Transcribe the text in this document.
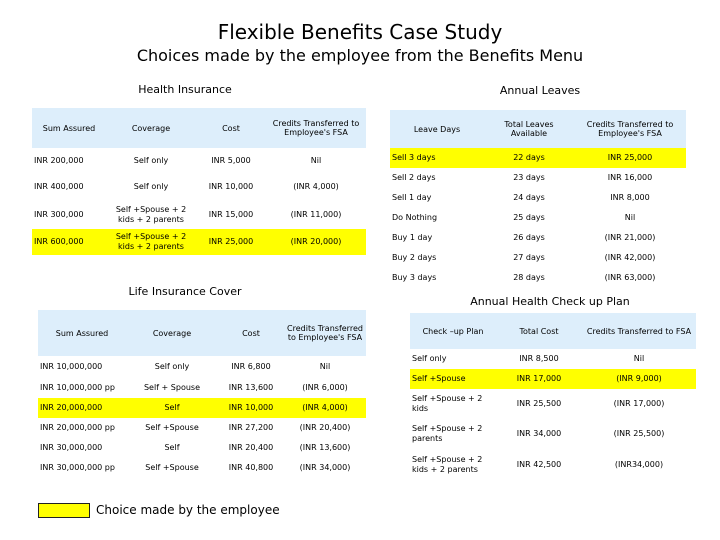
Flexible Benefits Case Study
Choices made by the employee from the Benefits Menu
Health Insurance
Sum Assured	Coverage	Cost	Credits Transferred to Employee's FSA
INR 200,000	Self only	INR 5,000	Nil
INR 400,000	Self only	INR 10,000	(INR 4,000)
INR 300,000	Self +Spouse + 2 kids + 2 parents	INR 15,000	(INR 11,000)
INR 600,000	Self +Spouse + 2 kids + 2 parents	INR 25,000	(INR 20,000)
Annual Leaves
Leave Days	Total Leaves Available	Credits Transferred to Employee's FSA
Sell 3 days	22 days	INR 25,000
Sell 2 days	23 days	INR 16,000
Sell 1 day	24 days	INR 8,000
Do Nothing	25 days	Nil
Buy 1 day	26 days	(INR 21,000)
Buy 2 days	27 days	(INR 42,000)
Buy 3 days	28 days	(INR 63,000)
Life Insurance Cover
Sum Assured	Coverage	Cost	Credits Transferred to Employee's FSA
INR 10,000,000	Self only	INR 6,800	Nil
INR 10,000,000 pp	Self + Spouse	INR 13,600	(INR 6,000)
INR 20,000,000	Self	INR 10,000	(INR 4,000)
INR 20,000,000 pp	Self +Spouse	INR 27,200	(INR 20,400)
INR 30,000,000	Self	INR 20,400	(INR 13,600)
INR 30,000,000 pp	Self +Spouse	INR 40,800	(INR 34,000)
Annual Health Check up Plan
Check –up Plan	Total Cost	Credits Transferred to FSA
Self only	INR 8,500	Nil
Self +Spouse	INR 17,000	(INR 9,000)
Self +Spouse + 2 kids	INR 25,500	(INR 17,000)
Self +Spouse + 2 parents	INR 34,000	(INR 25,500)
Self +Spouse + 2 kids + 2 parents	INR 42,500	(INR34,000)
Choice made by the employee
